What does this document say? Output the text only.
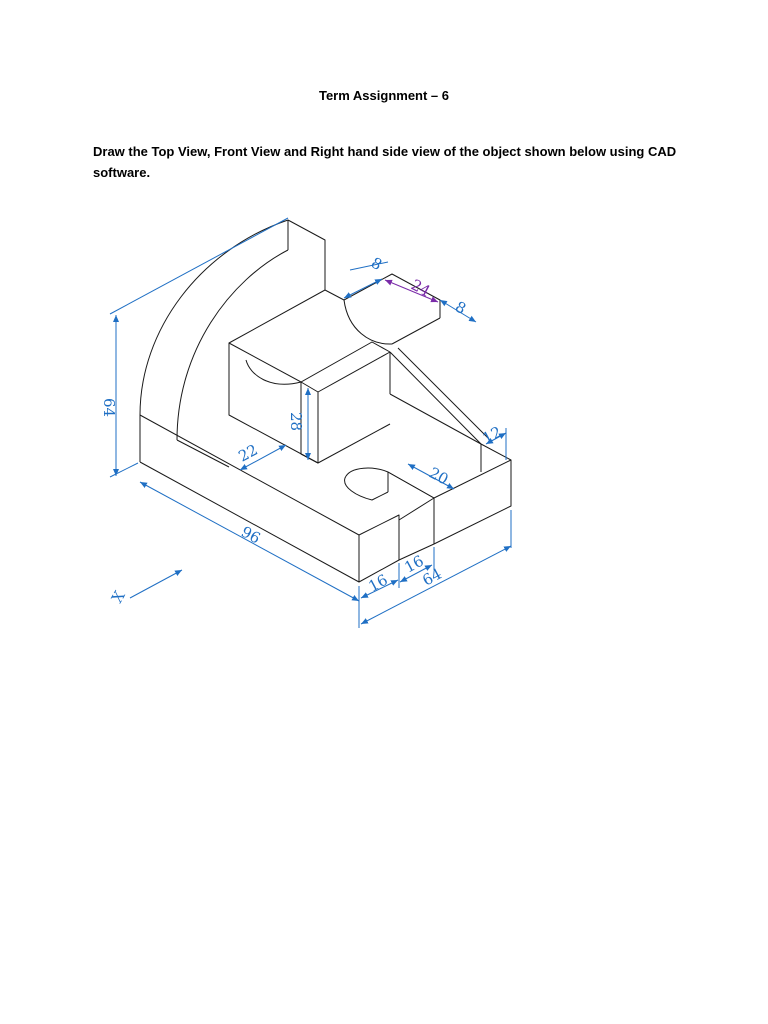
Term Assignment – 6
Draw the Top View, Front View and Right hand side view of the object shown below using CAD software.
64
96
64
16
16
28
22
12
20
8
24
8
X
